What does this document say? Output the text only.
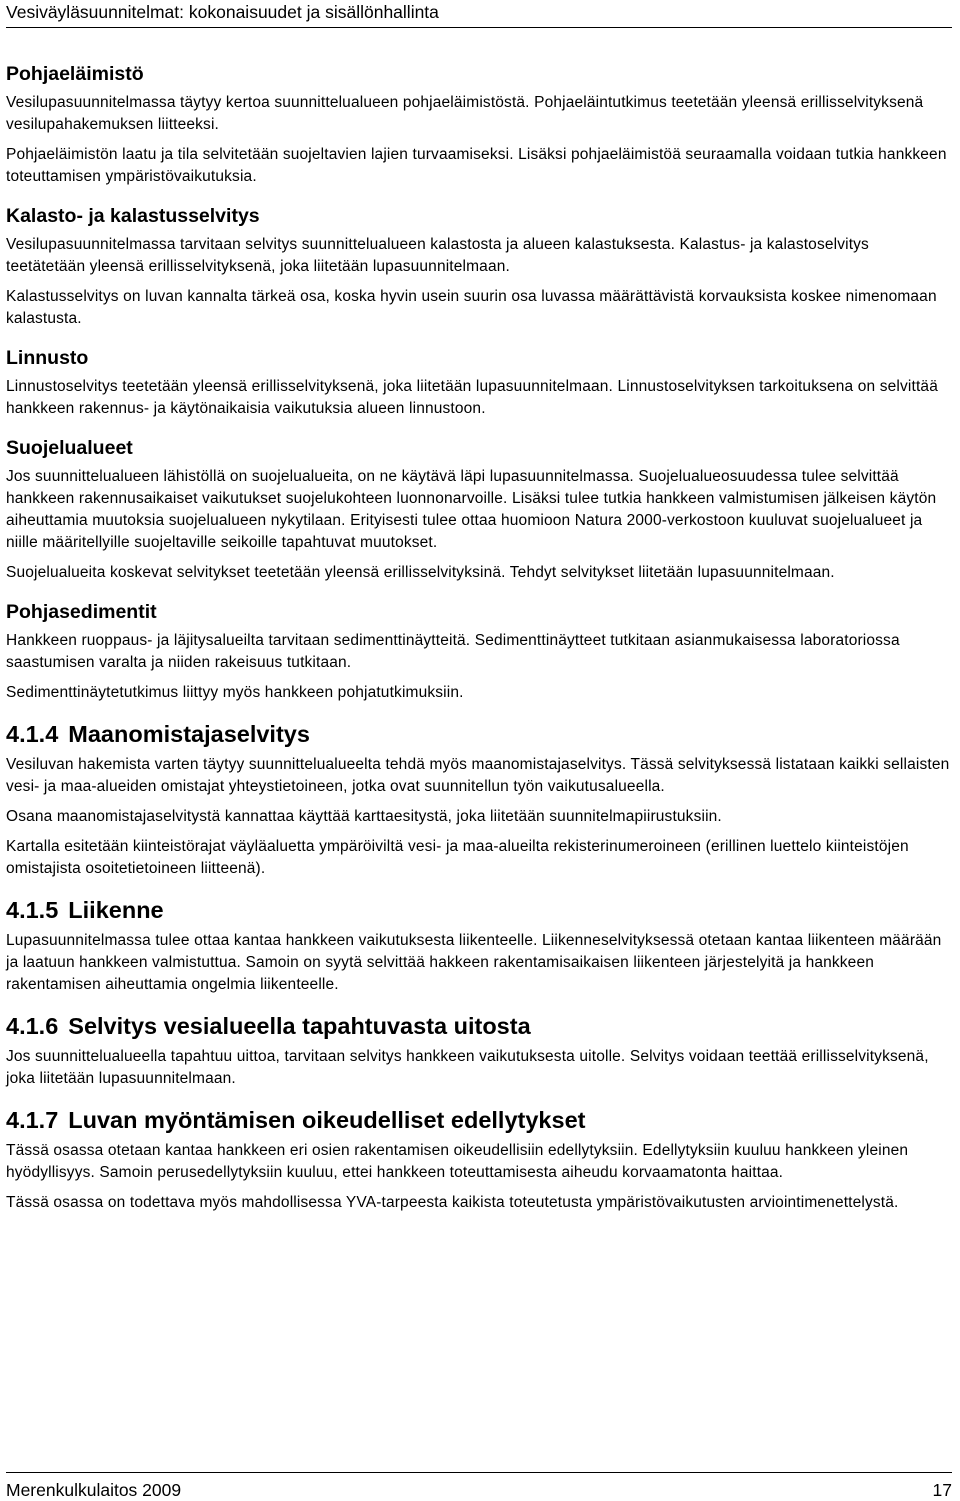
Vesiväyläsuunnitelmat: kokonaisuudet ja sisällönhallinta
Pohjaeläimistö

Vesilupasuunnitelmassa täytyy kertoa suunnittelualueen pohjaeläimistöstä. Pohjaeläintutkimus teetetään yleensä erillisselvityksenä vesilupahakemuksen liitteeksi.

Pohjaeläimistön laatu ja tila selvitetään suojeltavien lajien turvaamiseksi. Lisäksi pohjaeläimistöä seuraamalla voidaan tutkia hankkeen toteuttamisen ympäristövaikutuksia.

Kalasto- ja kalastusselvitys

Vesilupasuunnitelmassa tarvitaan selvitys suunnittelualueen kalastosta ja alueen kalastuksesta. Kalastus- ja kalastoselvitys teetätetään yleensä erillisselvityksenä, joka liitetään lupasuunnitelmaan.

Kalastusselvitys on luvan kannalta tärkeä osa, koska hyvin usein suurin osa luvassa määrättävistä korvauksista koskee nimenomaan kalastusta.

Linnusto

Linnustoselvitys teetetään yleensä erillisselvityksenä, joka liitetään lupasuunnitelmaan. Linnustoselvityksen tarkoituksena on selvittää hankkeen rakennus- ja käytönaikaisia vaikutuksia alueen linnustoon.

Suojelualueet

Jos suunnittelualueen lähistöllä on suojelualueita, on ne käytävä läpi lupasuunnitelmassa. Suojelualueosuudessa tulee selvittää hankkeen rakennusaikaiset vaikutukset suojelukohteen luonnonarvoille. Lisäksi tulee tutkia hankkeen valmistumisen jälkeisen käytön aiheuttamia muutoksia suojelualueen nykytilaan. Erityisesti tulee ottaa huomioon Natura 2000-verkostoon kuuluvat suojelualueet ja niille määritellyille suojeltaville seikoille tapahtuvat muutokset.

Suojelualueita koskevat selvitykset teetetään yleensä erillisselvityksinä. Tehdyt selvitykset liitetään lupasuunnitelmaan.

Pohjasedimentit

Hankkeen ruoppaus- ja läjitysalueilta tarvitaan sedimenttinäytteitä. Sedimenttinäytteet tutkitaan asianmukaisessa laboratoriossa saastumisen varalta ja niiden rakeisuus tutkitaan.

Sedimenttinäytetutkimus liittyy myös hankkeen pohjatutkimuksiin.

4.1.4 Maanomistajaselvitys

Vesiluvan hakemista varten täytyy suunnittelualueelta tehdä myös maanomistajaselvitys. Tässä selvityksessä listataan kaikki sellaisten vesi- ja maa-alueiden omistajat yhteystietoineen, jotka ovat suunnitellun työn vaikutusalueella.

Osana maanomistajaselvitystä kannattaa käyttää karttaesitystä, joka liitetään suunnitelmapiirustuksiin.

Kartalla esitetään kiinteistörajat väyläaluetta ympäröiviltä vesi- ja maa-alueilta rekisterinumeroineen (erillinen luettelo kiinteistöjen omistajista osoitetietoineen liitteenä).

4.1.5 Liikenne

Lupasuunnitelmassa tulee ottaa kantaa hankkeen vaikutuksesta liikenteelle. Liikenneselvityksessä otetaan kantaa liikenteen määrään ja laatuun hankkeen valmistuttua. Samoin on syytä selvittää hakkeen rakentamisaikaisen liikenteen järjestelyitä ja hankkeen rakentamisen aiheuttamia ongelmia liikenteelle.

4.1.6 Selvitys vesialueella tapahtuvasta uitosta

Jos suunnittelualueella tapahtuu uittoa, tarvitaan selvitys hankkeen vaikutuksesta uitolle. Selvitys voidaan teettää erillisselvityksenä, joka liitetään lupasuunnitelmaan.

4.1.7 Luvan myöntämisen oikeudelliset edellytykset

Tässä osassa otetaan kantaa hankkeen eri osien rakentamisen oikeudellisiin edellytyksiin. Edellytyksiin kuuluu hankkeen yleinen hyödyllisyys. Samoin perusedellytyksiin kuuluu, ettei hankkeen toteuttamisesta aiheudu korvaamatonta haittaa.

Tässä osassa on todettava myös mahdollisessa YVA-tarpeesta kaikista toteutetusta ympäristövaikutusten arviointimenettelystä.

Merenkulkulaitos 2009	17
